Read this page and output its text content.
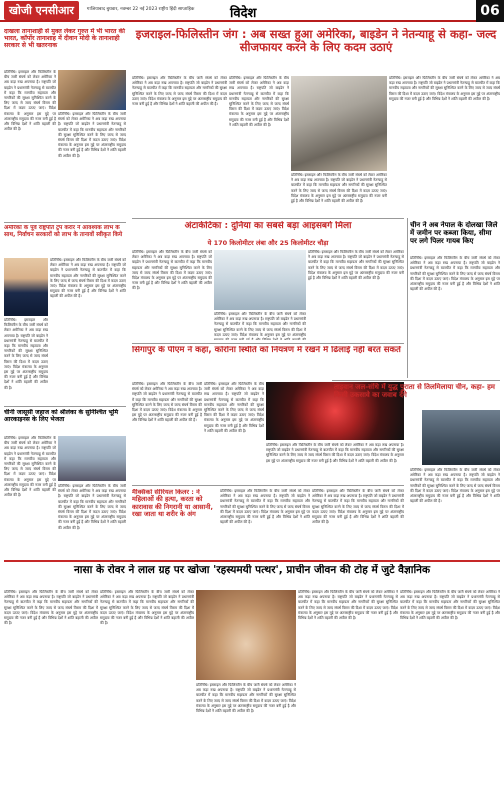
खोजी एनसीआर	गाजियाबाद बुधवार, नवम्बर 22 नई 2023 राष्ट्रीय हिंदी साप्ताहिक	विदेश	06
दाखला तानाशाही से मुक्त लेकर गुरुत में भी भारत की भारत, कॉर्पोर तानाशाह में दीवान मोदी के तानाशाही सरकार से भी खतरनाक
प्रतिनिधि। इसराइल और फिलिस्तीन के बीच जारी संघर्ष को लेकर अमेरिका ने अब कड़ा रुख अपनाया है। राष्ट्रपति जो बाइडेन ने प्रधानमंत्री नेतन्याहू से बातचीत में कहा कि मानवीय सहायता और नागरिकों की सुरक्षा सुनिश्चित करने के लिए जल्द से जल्द संघर्ष विराम की दिशा में कदम उठाए जाएं। विदेश मंत्रालय के अनुसार इस मुद्दे पर अंतरराष्ट्रीय समुदाय की नजर बनी हुई है और विभिन्न देशों ने शांति बहाली की अपील की है।
प्रतिनिधि। इसराइल और फिलिस्तीन के बीच जारी संघर्ष को लेकर अमेरिका ने अब कड़ा रुख अपनाया है। राष्ट्रपति जो बाइडेन ने प्रधानमंत्री नेतन्याहू से बातचीत में कहा कि मानवीय सहायता और नागरिकों की सुरक्षा सुनिश्चित करने के लिए जल्द से जल्द संघर्ष विराम की दिशा में कदम उठाए जाएं। विदेश मंत्रालय के अनुसार इस मुद्दे पर अंतरराष्ट्रीय समुदाय की नजर बनी हुई है और विभिन्न देशों ने शांति बहाली की अपील की है।
अमेरिका के पूर्व राष्ट्रपति ट्रंप करार ने आवश्यक लाभ के साथ, निर्वाचन सरकारों को लाभ के तानावों स्वीकृत किये
प्रतिनिधि। इसराइल और फिलिस्तीन के बीच जारी संघर्ष को लेकर अमेरिका ने अब कड़ा रुख अपनाया है। राष्ट्रपति जो बाइडेन ने प्रधानमंत्री नेतन्याहू से बातचीत में कहा कि मानवीय सहायता और नागरिकों की सुरक्षा सुनिश्चित करने के लिए जल्द से जल्द संघर्ष विराम की दिशा में कदम उठाए जाएं। विदेश मंत्रालय के अनुसार इस मुद्दे पर अंतरराष्ट्रीय समुदाय की नजर बनी हुई है और विभिन्न देशों ने शांति बहाली की अपील की है।
प्रतिनिधि। इसराइल और फिलिस्तीन के बीच जारी संघर्ष को लेकर अमेरिका ने अब कड़ा रुख अपनाया है। राष्ट्रपति जो बाइडेन ने प्रधानमंत्री नेतन्याहू से बातचीत में कहा कि मानवीय सहायता और नागरिकों की सुरक्षा सुनिश्चित करने के लिए जल्द से जल्द संघर्ष विराम की दिशा में कदम उठाए जाएं। विदेश मंत्रालय के अनुसार इस मुद्दे पर अंतरराष्ट्रीय समुदाय की नजर बनी हुई है और विभिन्न देशों ने शांति बहाली की अपील की है।
चीनी जासूसी जहाज को श्रीलंका के सुनिश्चित भूमि आरकाइनस के लिए भेजता
प्रतिनिधि। इसराइल और फिलिस्तीन के बीच जारी संघर्ष को लेकर अमेरिका ने अब कड़ा रुख अपनाया है। राष्ट्रपति जो बाइडेन ने प्रधानमंत्री नेतन्याहू से बातचीत में कहा कि मानवीय सहायता और नागरिकों की सुरक्षा सुनिश्चित करने के लिए जल्द से जल्द संघर्ष विराम की दिशा में कदम उठाए जाएं। विदेश मंत्रालय के अनुसार इस मुद्दे पर अंतरराष्ट्रीय समुदाय की नजर बनी हुई है और विभिन्न देशों ने शांति बहाली की अपील की है।
प्रतिनिधि। इसराइल और फिलिस्तीन के बीच जारी संघर्ष को लेकर अमेरिका ने अब कड़ा रुख अपनाया है। राष्ट्रपति जो बाइडेन ने प्रधानमंत्री नेतन्याहू से बातचीत में कहा कि मानवीय सहायता और नागरिकों की सुरक्षा सुनिश्चित करने के लिए जल्द से जल्द संघर्ष विराम की दिशा में कदम उठाए जाएं। विदेश मंत्रालय के अनुसार इस मुद्दे पर अंतरराष्ट्रीय समुदाय की नजर बनी हुई है और विभिन्न देशों ने शांति बहाली की अपील की है।
इजराइल-फिलिस्तीन जंग : अब सख्त हुआ अमेरिका, बाइडेन ने नेतन्याहू से कहा- जल्द सीजफायर करने के लिए कदम उठाएं
प्रतिनिधि। इसराइल और फिलिस्तीन के बीच जारी संघर्ष को लेकर अमेरिका ने अब कड़ा रुख अपनाया है। राष्ट्रपति जो बाइडेन ने प्रधानमंत्री नेतन्याहू से बातचीत में कहा कि मानवीय सहायता और नागरिकों की सुरक्षा सुनिश्चित करने के लिए जल्द से जल्द संघर्ष विराम की दिशा में कदम उठाए जाएं। विदेश मंत्रालय के अनुसार इस मुद्दे पर अंतरराष्ट्रीय समुदाय की नजर बनी हुई है और विभिन्न देशों ने शांति बहाली की अपील की है।
प्रतिनिधि। इसराइल और फिलिस्तीन के बीच जारी संघर्ष को लेकर अमेरिका ने अब कड़ा रुख अपनाया है। राष्ट्रपति जो बाइडेन ने प्रधानमंत्री नेतन्याहू से बातचीत में कहा कि मानवीय सहायता और नागरिकों की सुरक्षा सुनिश्चित करने के लिए जल्द से जल्द संघर्ष विराम की दिशा में कदम उठाए जाएं। विदेश मंत्रालय के अनुसार इस मुद्दे पर अंतरराष्ट्रीय समुदाय की नजर बनी हुई है और विभिन्न देशों ने शांति बहाली की अपील की है।
प्रतिनिधि। इसराइल और फिलिस्तीन के बीच जारी संघर्ष को लेकर अमेरिका ने अब कड़ा रुख अपनाया है। राष्ट्रपति जो बाइडेन ने प्रधानमंत्री नेतन्याहू से बातचीत में कहा कि मानवीय सहायता और नागरिकों की सुरक्षा सुनिश्चित करने के लिए जल्द से जल्द संघर्ष विराम की दिशा में कदम उठाए जाएं। विदेश मंत्रालय के अनुसार इस मुद्दे पर अंतरराष्ट्रीय समुदाय की नजर बनी हुई है और विभिन्न देशों ने शांति बहाली की अपील की है।
प्रतिनिधि। इसराइल और फिलिस्तीन के बीच जारी संघर्ष को लेकर अमेरिका ने अब कड़ा रुख अपनाया है। राष्ट्रपति जो बाइडेन ने प्रधानमंत्री नेतन्याहू से बातचीत में कहा कि मानवीय सहायता और नागरिकों की सुरक्षा सुनिश्चित करने के लिए जल्द से जल्द संघर्ष विराम की दिशा में कदम उठाए जाएं। विदेश मंत्रालय के अनुसार इस मुद्दे पर अंतरराष्ट्रीय समुदाय की नजर बनी हुई है और विभिन्न देशों ने शांति बहाली की अपील की है।
अंटार्कटिका : दुनिया का सबसे बड़ा आइसबर्ग मिला
ये 170 किलोमीटर लंबा और 25 किलोमीटर चौड़ा
प्रतिनिधि। इसराइल और फिलिस्तीन के बीच जारी संघर्ष को लेकर अमेरिका ने अब कड़ा रुख अपनाया है। राष्ट्रपति जो बाइडेन ने प्रधानमंत्री नेतन्याहू से बातचीत में कहा कि मानवीय सहायता और नागरिकों की सुरक्षा सुनिश्चित करने के लिए जल्द से जल्द संघर्ष विराम की दिशा में कदम उठाए जाएं। विदेश मंत्रालय के अनुसार इस मुद्दे पर अंतरराष्ट्रीय समुदाय की नजर बनी हुई है और विभिन्न देशों ने शांति बहाली की अपील की है।
प्रतिनिधि। इसराइल और फिलिस्तीन के बीच जारी संघर्ष को लेकर अमेरिका ने अब कड़ा रुख अपनाया है। राष्ट्रपति जो बाइडेन ने प्रधानमंत्री नेतन्याहू से बातचीत में कहा कि मानवीय सहायता और नागरिकों की सुरक्षा सुनिश्चित करने के लिए जल्द से जल्द संघर्ष विराम की दिशा में कदम उठाए जाएं। विदेश मंत्रालय के अनुसार इस मुद्दे पर अंतरराष्ट्रीय
प्रतिनिधि। इसराइल और फिलिस्तीन के बीच जारी संघर्ष को लेकर अमेरिका ने अब कड़ा रुख अपनाया है। राष्ट्रपति जो बाइडेन ने प्रधानमंत्री नेतन्याहू से बातचीत में कहा कि मानवीय सहायता और नागरिकों की सुरक्षा सुनिश्चित करने के लिए जल्द से जल्द संघर्ष विराम की दिशा में कदम उठाए जाएं। विदेश मंत्रालय के अनुसार इस मुद्दे पर अंतरराष्ट्रीय समुदाय की नजर बनी हुई है और विभिन्न देशों ने शांति बहाली की अपील की है।
चीन ने अब नेपाल के दोलखा जिले में जमीन पर कब्जा किया, सीमा पर लगे पिलर गायब किए
प्रतिनिधि। इसराइल और फिलिस्तीन के बीच जारी संघर्ष को लेकर अमेरिका ने अब कड़ा रुख अपनाया है। राष्ट्रपति जो बाइडेन ने प्रधानमंत्री नेतन्याहू से बातचीत में कहा कि मानवीय सहायता और नागरिकों की सुरक्षा सुनिश्चित करने के लिए जल्द से जल्द संघर्ष विराम की दिशा में कदम उठाए जाएं। विदेश मंत्रालय के अनुसार इस मुद्दे पर अंतरराष्ट्रीय समुदाय की नजर बनी हुई है और विभिन्न देशों ने शांति बहाली की अपील की है।
सिंगापुर के पीएम ने कहा, कोरोना स्थिति को नियंत्रण में रखने में ढिलाई नहीं बरत सकते
प्रतिनिधि। इसराइल और फिलिस्तीन के बीच जारी संघर्ष को लेकर अमेरिका ने अब कड़ा रुख अपनाया है। राष्ट्रपति जो बाइडेन ने प्रधानमंत्री नेतन्याहू से बातचीत में कहा कि मानवीय सहायता और नागरिकों की सुरक्षा सुनिश्चित करने के लिए जल्द से जल्द संघर्ष विराम की दिशा में कदम उठाए जाएं। विदेश मंत्रालय के अनुसार इस मुद्दे पर अंतरराष्ट्रीय समुदाय की नजर बनी हुई है और विभिन्न देशों ने शांति बहाली की अपील की है।
प्रतिनिधि। इसराइल और फिलिस्तीन के बीच जारी संघर्ष को लेकर अमेरिका ने अब कड़ा रुख अपनाया है। राष्ट्रपति जो बाइडेन ने प्रधानमंत्री नेतन्याहू से बातचीत में कहा कि मानवीय सहायता और नागरिकों की सुरक्षा सुनिश्चित करने के लिए जल्द से जल्द संघर्ष विराम की दिशा में कदम उठाए जाएं। विदेश मंत्रालय के अनुसार इस मुद्दे पर अंतरराष्ट्रीय समुदाय की नजर बनी हुई है और विभिन्न देशों ने शांति बहाली की अपील की है।
प्रतिनिधि। इसराइल और फिलिस्तीन के बीच जारी संघर्ष को लेकर अमेरिका ने अब कड़ा रुख अपनाया है। राष्ट्रपति जो बाइडेन ने प्रधानमंत्री नेतन्याहू से बातचीत में कहा कि मानवीय सहायता और नागरिकों की सुरक्षा सुनिश्चित करने के लिए जल्द से जल्द संघर्ष विराम की दिशा में कदम उठाए जाएं। विदेश मंत्रालय के अनुसार इस मुद्दे पर अंतरराष्ट्रीय समुदाय की नजर बनी हुई है और विभिन्न देशों ने शांति बहाली की अपील की है।
ताइवान जल-संधि में युद्ध पुराता से तिलमिलाया चीन, कहा- हम किसी उकसावे का जवाब देंगे
प्रतिनिधि। इसराइल और फिलिस्तीन के बीच जारी संघर्ष को लेकर अमेरिका ने अब कड़ा रुख अपनाया है। राष्ट्रपति जो बाइडेन ने प्रधानमंत्री नेतन्याहू से बातचीत में कहा कि मानवीय सहायता और नागरिकों की सुरक्षा सुनिश्चित करने के लिए जल्द से जल्द संघर्ष विराम की दिशा में कदम उठाए जाएं। विदेश मंत्रालय के अनुसार इस मुद्दे पर अंतरराष्ट्रीय समुदाय की नजर बनी हुई है और विभिन्न देशों ने शांति बहाली की अपील की है।
मैक्सिको सीरियल किलर : ने महिलाओं की हत्या, करता को कारावास की निगरानी या आसानी, रखा जाता था शरीर के अंग
प्रतिनिधि। इसराइल और फिलिस्तीन के बीच जारी संघर्ष को लेकर अमेरिका ने अब कड़ा रुख अपनाया है। राष्ट्रपति जो बाइडेन ने प्रधानमंत्री नेतन्याहू से बातचीत में कहा कि मानवीय सहायता और नागरिकों की सुरक्षा सुनिश्चित करने के लिए जल्द से जल्द संघर्ष विराम की दिशा में कदम उठाए जाएं। विदेश मंत्रालय के अनुसार इस मुद्दे पर अंतरराष्ट्रीय समुदाय की नजर बनी हुई है और विभिन्न देशों ने शांति बहाली की अपील की है।
प्रतिनिधि। इसराइल और फिलिस्तीन के बीच जारी संघर्ष को लेकर अमेरिका ने अब कड़ा रुख अपनाया है। राष्ट्रपति जो बाइडेन ने प्रधानमंत्री नेतन्याहू से बातचीत में कहा कि मानवीय सहायता और नागरिकों की सुरक्षा सुनिश्चित करने के लिए जल्द से जल्द संघर्ष विराम की दिशा में कदम उठाए जाएं। विदेश मंत्रालय के अनुसार इस मुद्दे पर अंतरराष्ट्रीय समुदाय की नजर बनी हुई है और विभिन्न देशों ने शांति बहाली की अपील की है।
नासा के रोवर ने लाल ग्रह पर खोजा 'रहस्यमयी पत्थर', प्राचीन जीवन की टोह में जुटे वैज्ञानिक
प्रतिनिधि। इसराइल और फिलिस्तीन के बीच जारी संघर्ष को लेकर अमेरिका ने अब कड़ा रुख अपनाया है। राष्ट्रपति जो बाइडेन ने प्रधानमंत्री नेतन्याहू से बातचीत में कहा कि मानवीय सहायता और नागरिकों की सुरक्षा सुनिश्चित करने के लिए जल्द से जल्द संघर्ष विराम की दिशा में कदम उठाए जाएं। विदेश मंत्रालय के अनुसार इस मुद्दे पर अंतरराष्ट्रीय समुदाय की नजर बनी हुई है और विभिन्न देशों ने शांति बहाली की अपील की है।
प्रतिनिधि। इसराइल और फिलिस्तीन के बीच जारी संघर्ष को लेकर अमेरिका ने अब कड़ा रुख अपनाया है। राष्ट्रपति जो बाइडेन ने प्रधानमंत्री नेतन्याहू से बातचीत में कहा कि मानवीय सहायता और नागरिकों की सुरक्षा सुनिश्चित करने के लिए जल्द से जल्द संघर्ष विराम की दिशा में कदम उठाए जाएं। विदेश मंत्रालय के अनुसार इस मुद्दे पर अंतरराष्ट्रीय समुदाय की नजर बनी हुई है और विभिन्न देशों ने शांति बहाली की अपील की है।
प्रतिनिधि। इसराइल और फिलिस्तीन के बीच जारी संघर्ष को लेकर अमेरिका ने अब कड़ा रुख अपनाया है। राष्ट्रपति जो बाइडेन ने प्रधानमंत्री नेतन्याहू से बातचीत में कहा कि मानवीय सहायता और नागरिकों की सुरक्षा सुनिश्चित करने के लिए जल्द से जल्द संघर्ष विराम की दिशा में कदम उठाए जाएं। विदेश मंत्रालय के अनुसार इस मुद्दे पर अंतरराष्ट्रीय समुदाय की नजर बनी हुई है और विभिन्न देशों ने शांति बहाली की अपील की है।
प्रतिनिधि। इसराइल और फिलिस्तीन के बीच जारी संघर्ष को लेकर अमेरिका ने अब कड़ा रुख अपनाया है। राष्ट्रपति जो बाइडेन ने प्रधानमंत्री नेतन्याहू से बातचीत में कहा कि मानवीय सहायता और नागरिकों की सुरक्षा सुनिश्चित करने के लिए जल्द से जल्द संघर्ष विराम की दिशा में कदम उठाए जाएं। विदेश मंत्रालय के अनुसार इस मुद्दे पर अंतरराष्ट्रीय समुदाय की नजर बनी हुई है और विभिन्न देशों ने शांति बहाली की अपील की है।
प्रतिनिधि। इसराइल और फिलिस्तीन के बीच जारी संघर्ष को लेकर अमेरिका ने अब कड़ा रुख अपनाया है। राष्ट्रपति जो बाइडेन ने प्रधानमंत्री नेतन्याहू से बातचीत में कहा कि मानवीय सहायता और नागरिकों की सुरक्षा सुनिश्चित करने के लिए जल्द से जल्द संघर्ष विराम की दिशा में कदम उठाए जाएं। विदेश मंत्रालय के अनुसार इस मुद्दे पर अंतरराष्ट्रीय समुदाय की नजर बनी हुई है और विभिन्न देशों ने शांति बहाली की अपील की है।
